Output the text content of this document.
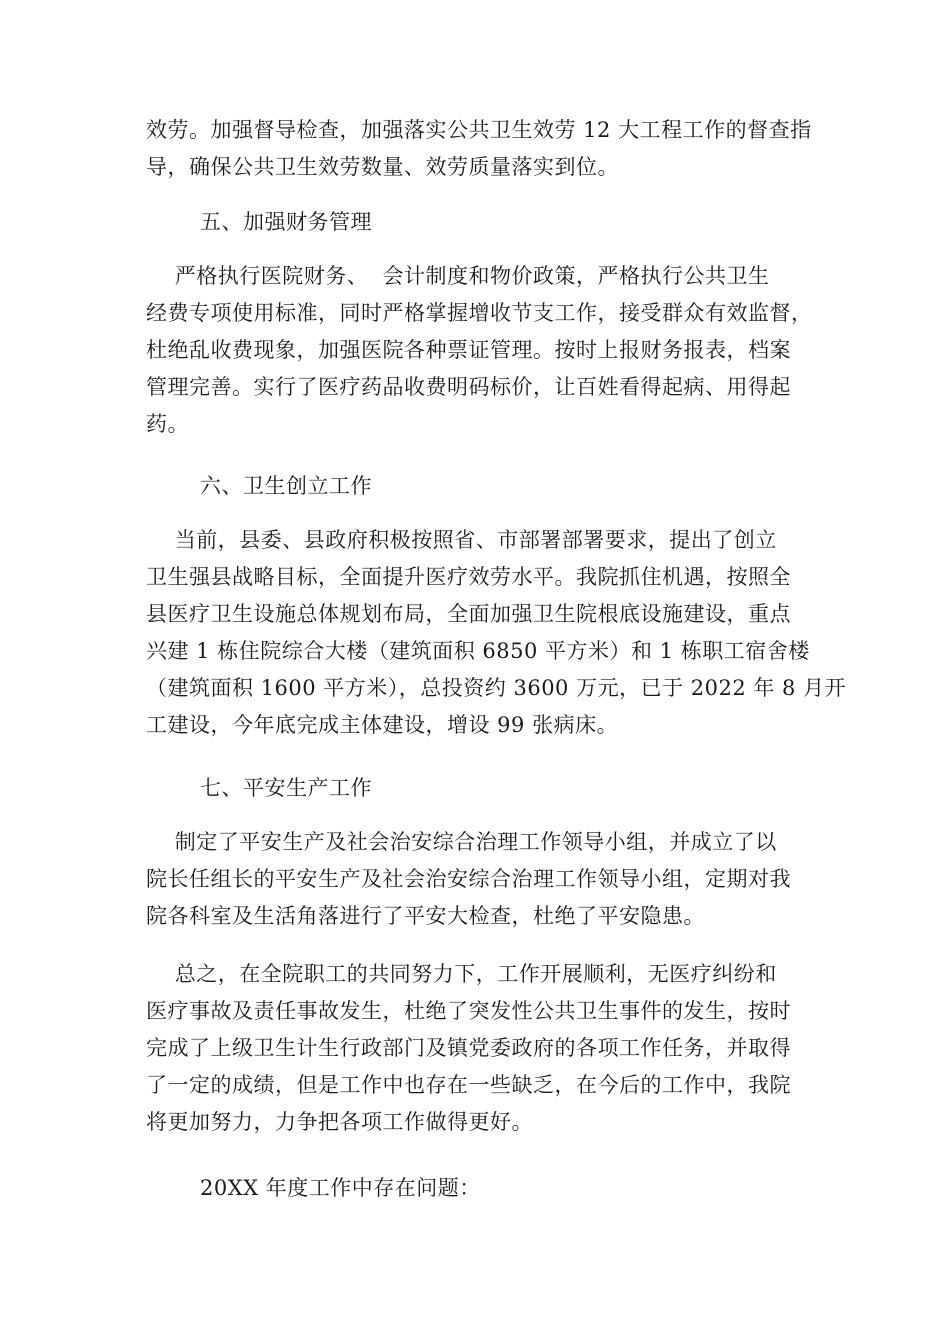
效劳。加强督导检查，加强落实公共卫生效劳 12 大工程工作的督查指
导，确保公共卫生效劳数量、效劳质量落实到位。
五、加强财务管理
严格执行医院财务、  会计制度和物价政策，严格执行公共卫生
经费专项使用标准，同时严格掌握增收节支工作，接受群众有效监督，
杜绝乱收费现象，加强医院各种票证管理。按时上报财务报表，档案
管理完善。实行了医疗药品收费明码标价，让百姓看得起病、用得起
药。
六、卫生创立工作
当前，县委、县政府积极按照省、市部署部署要求，提出了创立
卫生强县战略目标，全面提升医疗效劳水平。我院抓住机遇，按照全
县医疗卫生设施总体规划布局，全面加强卫生院根底设施建设，重点
兴建 1 栋住院综合大楼（建筑面积 6850 平方米）和 1 栋职工宿舍楼
（建筑面积 1600 平方米），总投资约 3600 万元，已于 2022 年 8 月开
工建设，今年底完成主体建设，增设 99 张病床。
七、平安生产工作
制定了平安生产及社会治安综合治理工作领导小组，并成立了以
院长任组长的平安生产及社会治安综合治理工作领导小组，定期对我
院各科室及生活角落进行了平安大检查，杜绝了平安隐患。
总之，在全院职工的共同努力下，工作开展顺利，无医疗纠纷和
医疗事故及责任事故发生，杜绝了突发性公共卫生事件的发生，按时
完成了上级卫生计生行政部门及镇党委政府的各项工作任务，并取得
了一定的成绩，但是工作中也存在一些缺乏，在今后的工作中，我院
将更加努力，力争把各项工作做得更好。
20XX 年度工作中存在问题：
